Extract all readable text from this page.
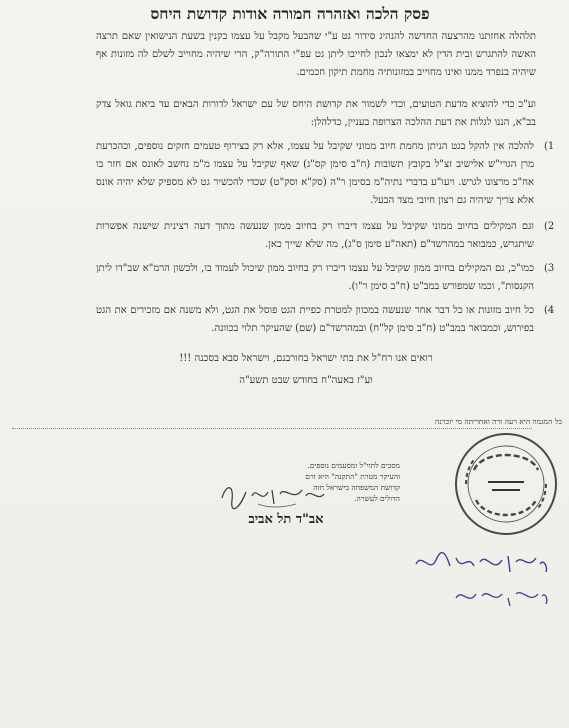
פסק הלכה ואזהרה חמורה אודות קדושת היחס
תלהלה אחזתנו מהרצעה החדשה להנהיג סידור גט ע"י שהבעל מקבל על עצמו בקנין בשעת הנישואין שאם תרצה האשה להתגרש ובית הדין לא ימצאו לנכון לחייבו ליתן גט עפ"י התורה"ק, הרי שיהיה מחוייב לשלם לה מזונות אף שיהיה בנפרד ממנו ואינו מחוייב במזונותיה מחמת תיקון חכמים.
וע"כ כדי להוציא מדעת הטועים, וכדי לשמור את קדושת היחס של עם ישראל לדורות הבאים עד ביאת גואל צדק בב"א, הננו לגלות את דעת ההלכה הצרופה בעניין, כדלהלן:
1)
להלכה אין להקל בגט הניתן מחמת חיוב ממוני שקיבל על עצמו, אלא רק בצירוף טעמים חזקים נוספים, וכהכרעת מרן הגרי"ש אלישיב זצ"ל בקובץ תשובות (ח"ב סימן קס"ג) שאף שקיבל על עצמו מ"מ נחשב לאונס אם חזר בו אח"כ מרצונו לגרש. ויעו"ע בדברי נתיה"מ בסימן ר"ה (סק"א וסק"ט) שכדי להכשיר גט לא מספיק שלא יהיה אונס אלא צריך שיהיה גם רצון חיובי מצד הבעל.
2)
וגם המקילים בחיוב ממוני שקיבל על עצמו דיברו רק בחיוב ממון שנעשה מתוך דעה רצינית שישנה אפשרות שיתגרש, כמבואר במהרשד"ם (תאה"ע סימן ס"ג), מה שלא שייך כאן.
3)
כמו"כ, גם המקילים בחיוב ממון שקיבל על עצמו דיברו רק בחיוב ממון שיכול לעמוד בו, ולכשון הרמ"א שב"דו ליתן הקנסות", וכמו שמפורש במב"ט (ח"ב סימן ר"ו).
4)
כל חיוב מזונות או כל דבר אחר שנעשה במכוון למטרת כפיית הגט פוסל את הגט, ולא משנה אם מזכירים את הגט בפירוש, וכמבואר במב"ט (ח"ב סימן קל"ח) ובמהרשד"ם (שם) שהעיקר תלוי בכוונה.
רואים אנו רח"ל את בתי ישראל בחורבנם, וישראל סבא בסכנה !!!
וע"ז באעה"ח בחודש שבט תשע"ה
כל המגמה היא רעה זרה ואחריתה מי יזכרנה
מסכים לתוי"ל ומסעמים נוספים.
והעיקר מטרת "התקנה" היא זרם
קדושת המשפחה בישראל חזה
הדולים לעשרה.
אב"ד תל אביב
